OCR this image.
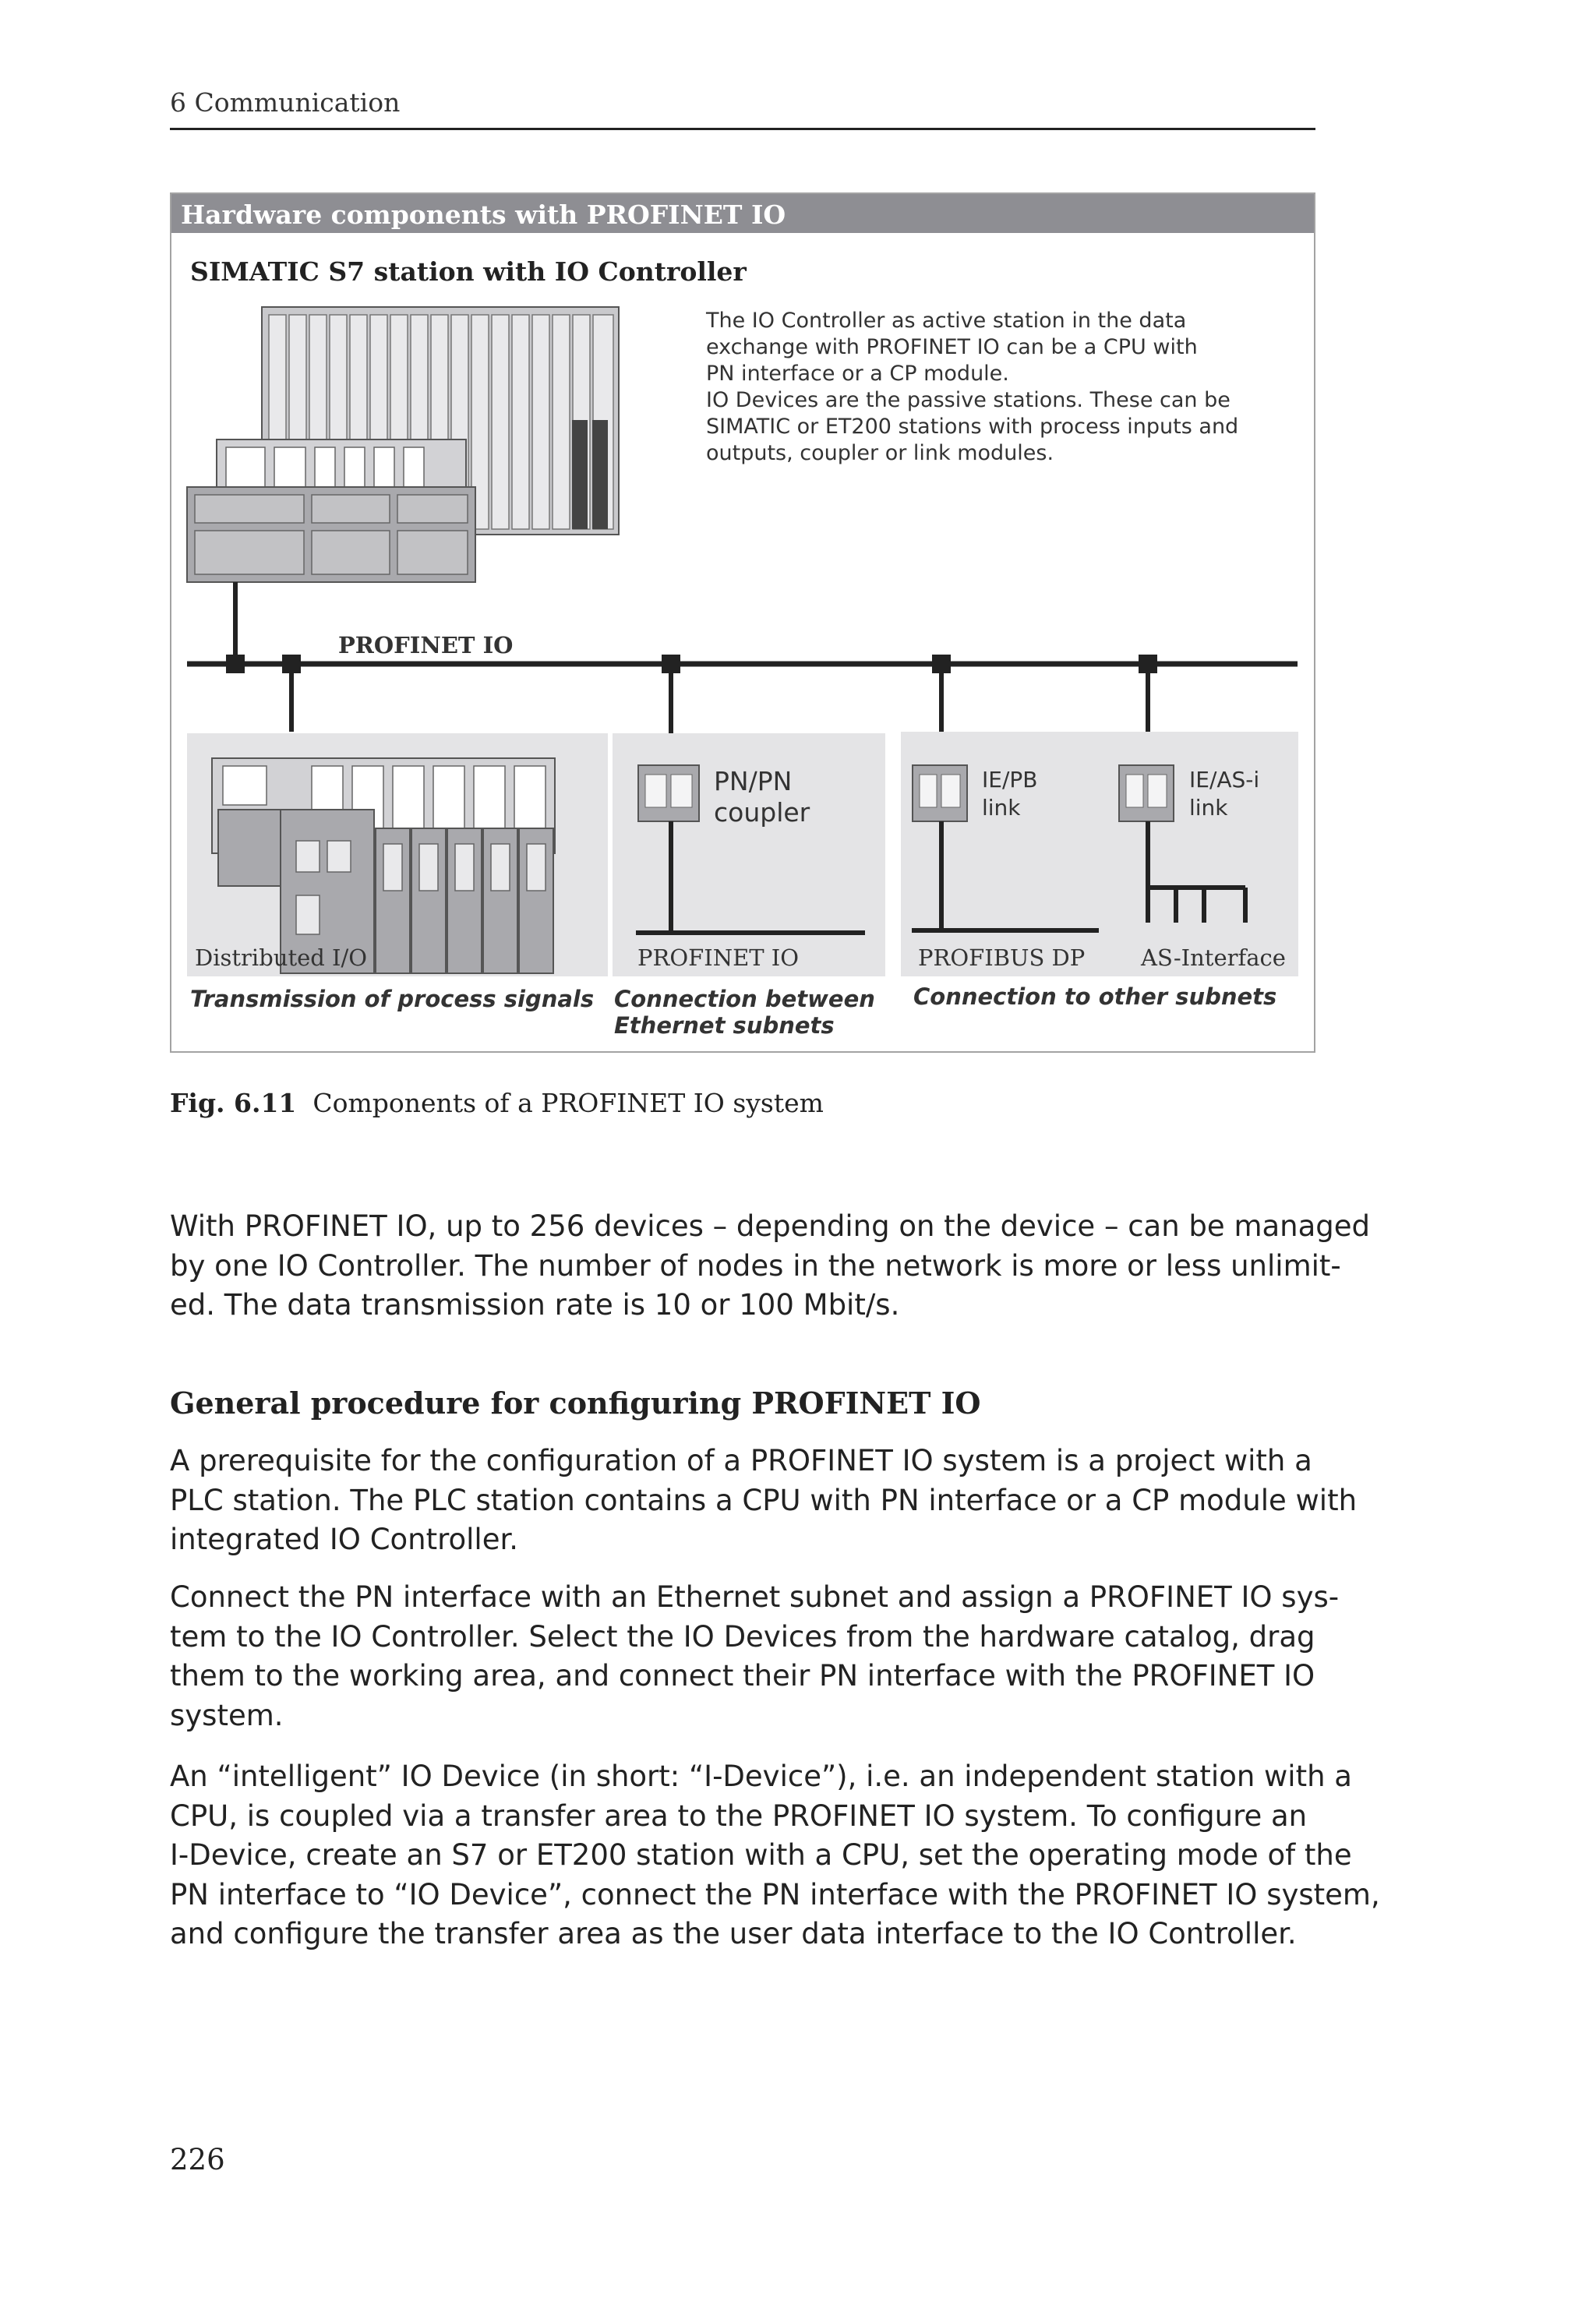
6 Communication
Hardware components with PROFINET IO
SIMATIC S7 station with IO Controller
The IO Controller as active station in the data
exchange with PROFINET IO can be a CPU with
PN interface or a CP module.
IO Devices are the passive stations. These can be
SIMATIC or ET200 stations with process inputs and
outputs, coupler or link modules.
PROFINET IO
PN/PN
coupler
IE/PB
link
IE/AS-i
link
Distributed I/O	PROFINET IO	PROFIBUS DP AS-Interface
Transmission of process signals Connection between
Ethernet subnets
Connection to other subnets
Fig. 6.11 Components of a PROFINET IO system
With PROFINET IO, up to 256 devices – depending on the device – can be managed
by one IO Controller. The number of nodes in the network is more or less unlimit-
ed. The data transmission rate is 10 or 100 Mbit/s.
General procedure for configuring PROFINET IO
A prerequisite for the configuration of a PROFINET IO system is a project with a
PLC station. The PLC station contains a CPU with PN interface or a CP module with
integrated IO Controller.
Connect the PN interface with an Ethernet subnet and assign a PROFINET IO sys-
tem to the IO Controller. Select the IO Devices from the hardware catalog, drag
them to the working area, and connect their PN interface with the PROFINET IO
system.
An “intelligent” IO Device (in short: “I-Device”), i.e. an independent station with a
CPU, is coupled via a transfer area to the PROFINET IO system. To configure an
I-Device, create an S7 or ET200 station with a CPU, set the operating mode of the
PN interface to “IO Device”, connect the PN interface with the PROFINET IO system,
and configure the transfer area as the user data interface to the IO Controller.
226
